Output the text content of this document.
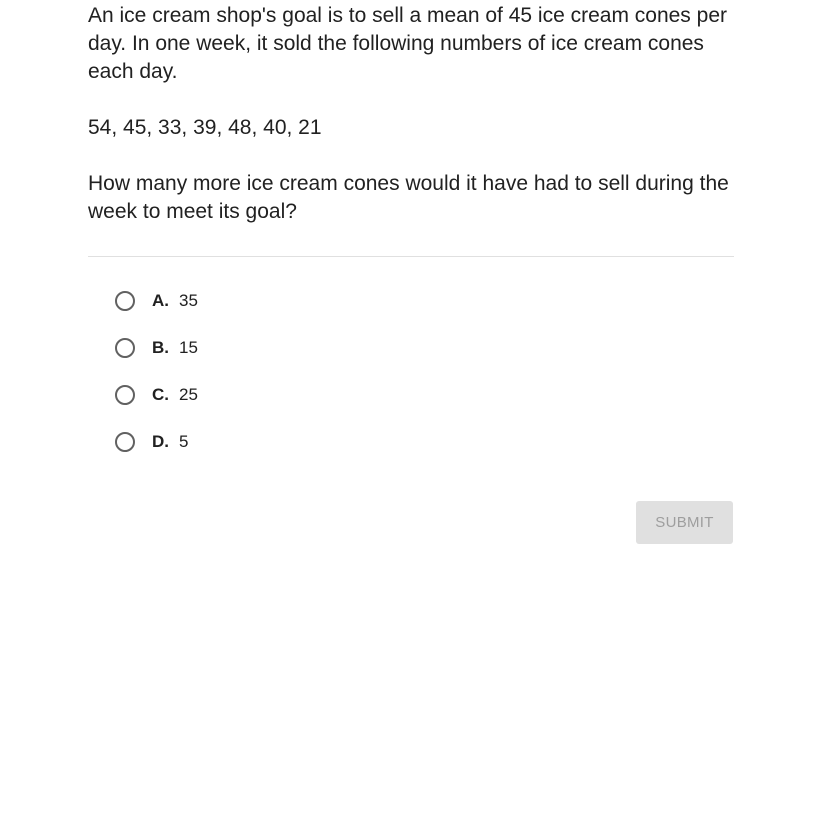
An ice cream shop's goal is to sell a mean of 45 ice cream cones per day. In one week, it sold the following numbers of ice cream cones each day.

54, 45, 33, 39, 48, 40, 21

How many more ice cream cones would it have had to sell during the week to meet its goal?

A. 35
B. 15
C. 25
D. 5
SUBMIT
